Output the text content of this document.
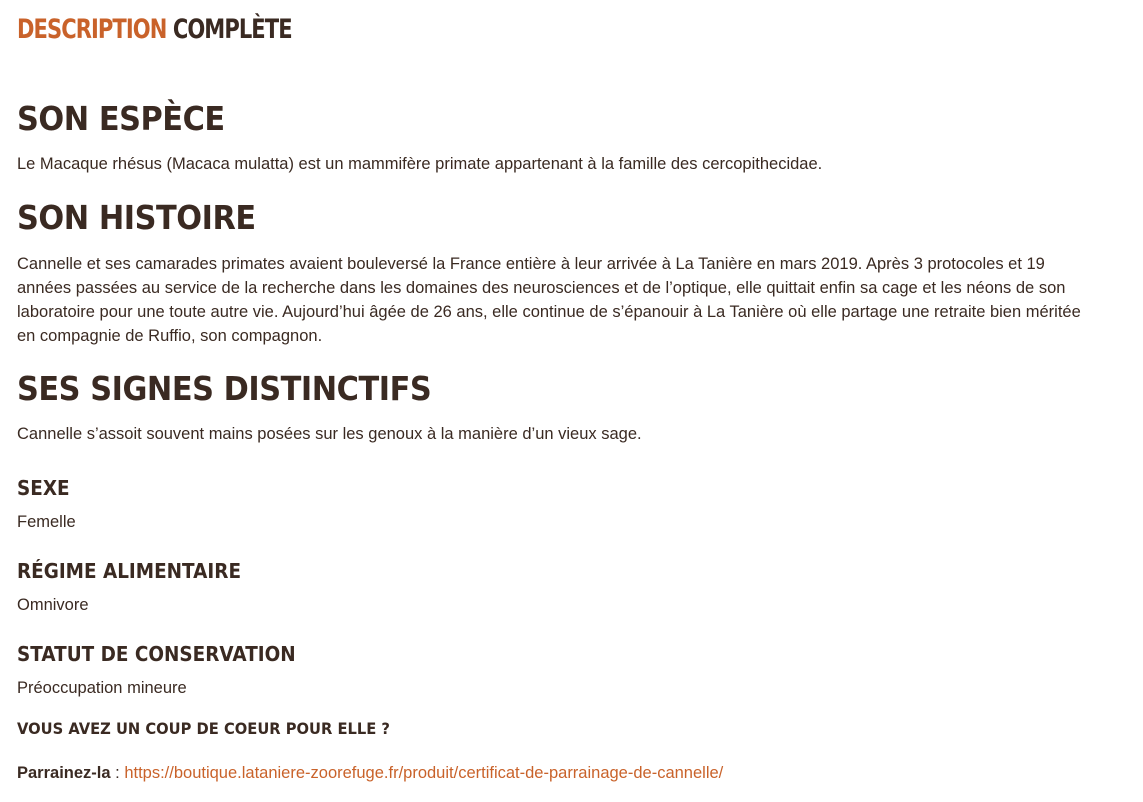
DESCRIPTION COMPLÈTE
SON ESPÈCE

Le Macaque rhésus (Macaca mulatta) est un mammifère primate appartenant à la famille des cercopithecidae.

SON HISTOIRE

Cannelle et ses camarades primates avaient bouleversé la France entière à leur arrivée à La Tanière en mars 2019. Après 3 protocoles et 19 années passées au service de la recherche dans les domaines des neurosciences et de l’optique, elle quittait enfin sa cage et les néons de son laboratoire pour une toute autre vie. Aujourd’hui âgée de 26 ans, elle continue de s’épanouir à La Tanière où elle partage une retraite bien méritée en compagnie de Ruffio, son compagnon.

SES SIGNES DISTINCTIFS

Cannelle s’assoit souvent mains posées sur les genoux à la manière d’un vieux sage.

SEXE

Femelle

RÉGIME ALIMENTAIRE

Omnivore

STATUT DE CONSERVATION

Préoccupation mineure

VOUS AVEZ UN COUP DE COEUR POUR ELLE ?

Parrainez-la : https://boutique.lataniere-zoorefuge.fr/produit/certificat-de-parrainage-de-cannelle/
